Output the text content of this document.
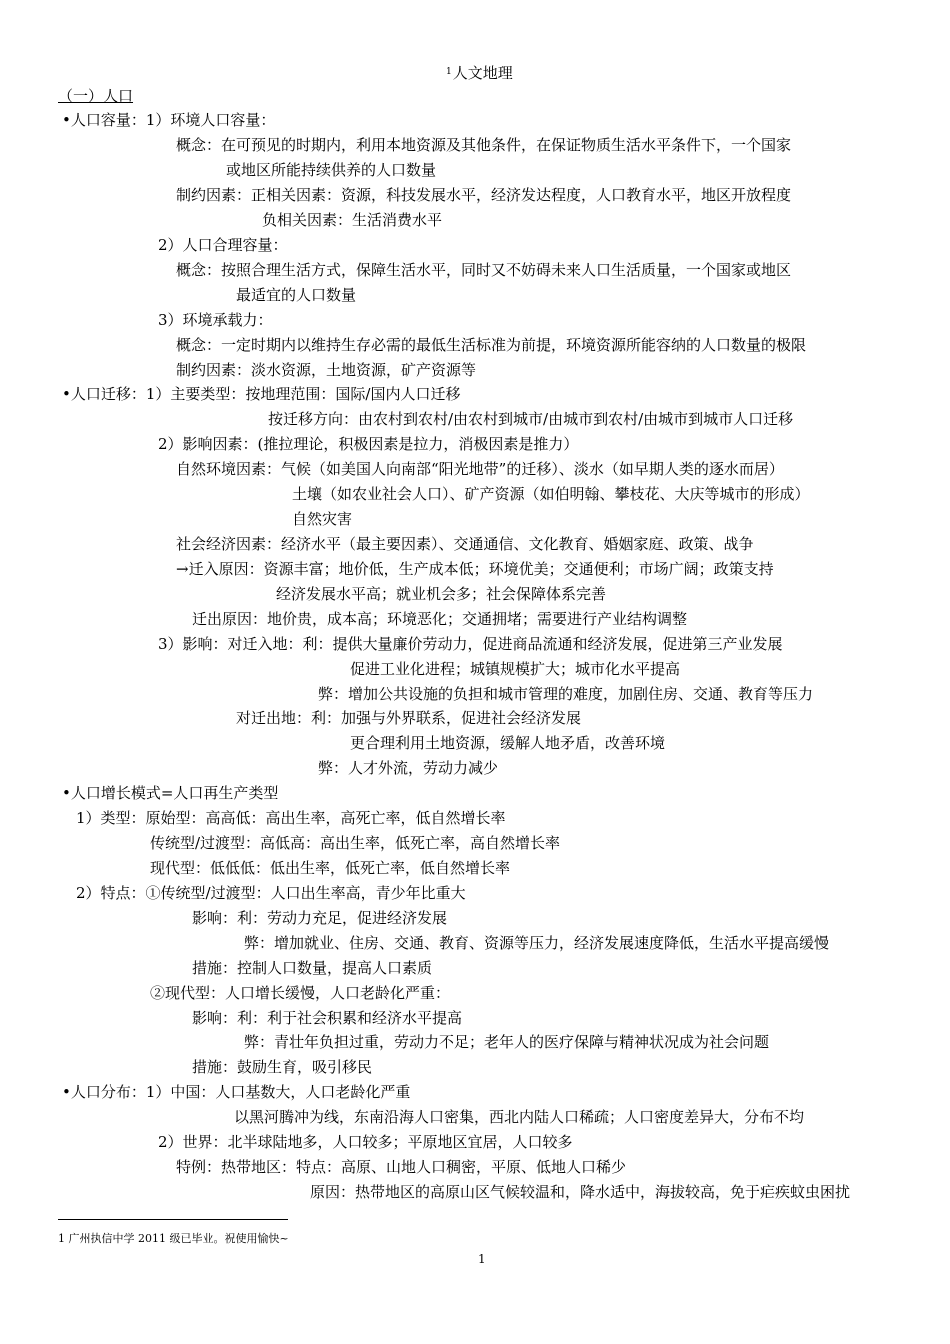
$^1$人文地理
（一）人口
•人口容量：1）环境人口容量：
概念：在可预见的时期内，利用本地资源及其他条件，在保证物质生活水平条件下，一个国家
或地区所能持续供养的人口数量
制约因素：正相关因素：资源，科技发展水平，经济发达程度，人口教育水平，地区开放程度
负相关因素：生活消费水平
2）人口合理容量：
概念：按照合理生活方式，保障生活水平，同时又不妨碍未来人口生活质量，一个国家或地区
最适宜的人口数量
3）环境承载力：
概念：一定时期内以维持生存必需的最低生活标准为前提，环境资源所能容纳的人口数量的极限
制约因素：淡水资源，土地资源，矿产资源等
•人口迁移：1）主要类型：按地理范围：国际/国内人口迁移
按迁移方向：由农村到农村/由农村到城市/由城市到农村/由城市到城市人口迁移
2）影响因素：(推拉理论，积极因素是拉力，消极因素是推力）
自然环境因素：气候（如美国人向南部“阳光地带”的迁移）、淡水（如早期人类的逐水而居）
土壤（如农业社会人口）、矿产资源（如伯明翰、攀枝花、大庆等城市的形成）
自然灾害
社会经济因素：经济水平（最主要因素）、交通通信、文化教育、婚姻家庭、政策、战争
→迁入原因：资源丰富；地价低，生产成本低；环境优美；交通便利；市场广阔；政策支持
经济发展水平高；就业机会多；社会保障体系完善
迁出原因：地价贵，成本高；环境恶化；交通拥堵；需要进行产业结构调整
3）影响：对迁入地：利：提供大量廉价劳动力，促进商品流通和经济发展，促进第三产业发展
促进工业化进程；城镇规模扩大；城市化水平提高
弊：增加公共设施的负担和城市管理的难度，加剧住房、交通、教育等压力
对迁出地：利：加强与外界联系，促进社会经济发展
更合理利用土地资源，缓解人地矛盾，改善环境
弊：人才外流，劳动力减少
•人口增长模式=人口再生产类型
1）类型：原始型：高高低：高出生率，高死亡率，低自然增长率
传统型/过渡型：高低高：高出生率，低死亡率，高自然增长率
现代型：低低低：低出生率，低死亡率，低自然增长率
2）特点：①传统型/过渡型：人口出生率高，青少年比重大
影响：利：劳动力充足，促进经济发展
弊：增加就业、住房、交通、教育、资源等压力，经济发展速度降低，生活水平提高缓慢
措施：控制人口数量，提高人口素质
②现代型：人口增长缓慢，人口老龄化严重：
影响：利：利于社会积累和经济水平提高
弊：青壮年负担过重，劳动力不足；老年人的医疗保障与精神状况成为社会问题
措施：鼓励生育，吸引移民
•人口分布：1）中国：人口基数大，人口老龄化严重
以黑河腾冲为线，东南沿海人口密集，西北内陆人口稀疏；人口密度差异大，分布不均
2）世界：北半球陆地多，人口较多；平原地区宜居，人口较多
特例：热带地区：特点：高原、山地人口稠密，平原、低地人口稀少
原因：热带地区的高原山区气候较温和，降水适中，海拔较高，免于疟疾蚊虫困扰
1 广州执信中学 2011 级已毕业。祝使用愉快~
1
